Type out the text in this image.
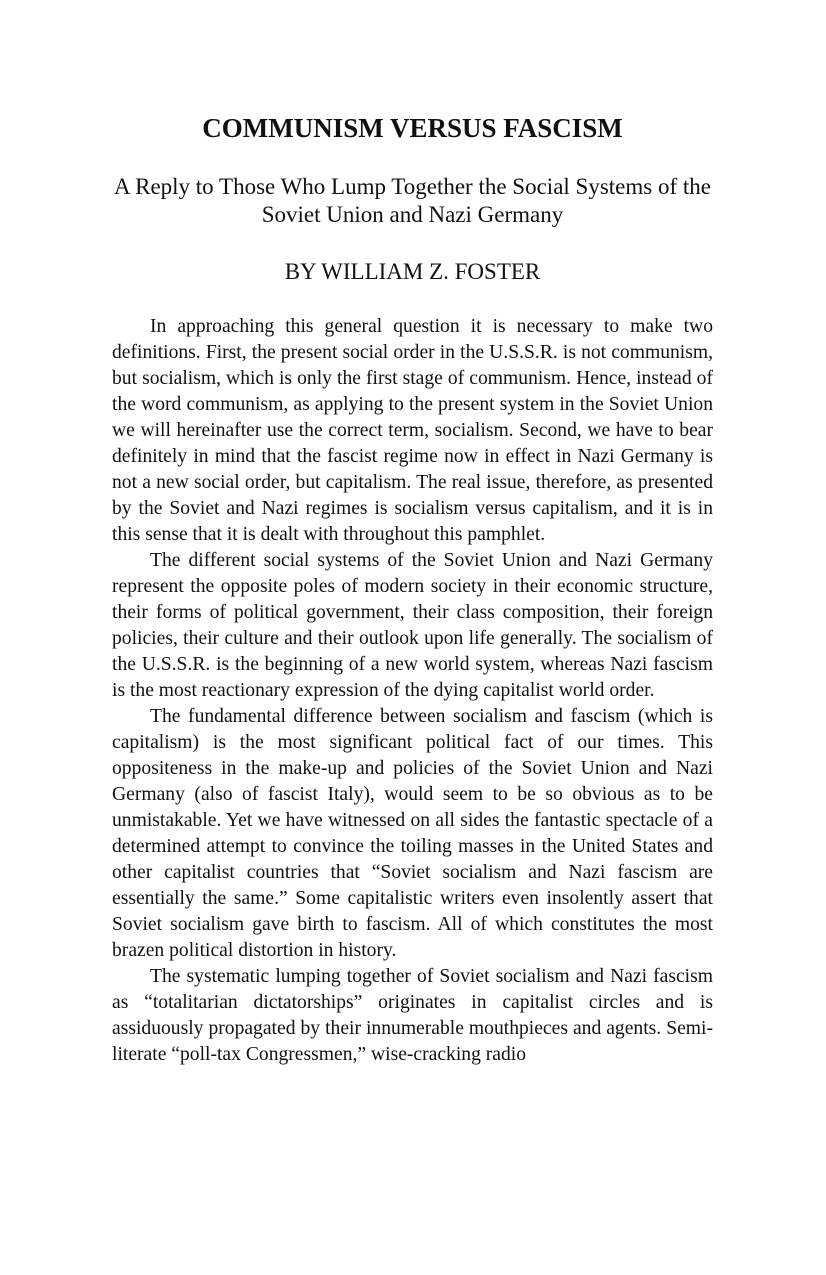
COMMUNISM VERSUS FASCISM
A Reply to Those Who Lump Together the Social Systems of the Soviet Union and Nazi Germany
BY WILLIAM Z. FOSTER

In approaching this general question it is necessary to make two definitions. First, the present social order in the U.S.S.R. is not communism, but socialism, which is only the first stage of communism. Hence, instead of the word communism, as applying to the present system in the Soviet Union we will hereinafter use the correct term, socialism. Second, we have to bear definitely in mind that the fascist regime now in effect in Nazi Germany is not a new social order, but capitalism. The real issue, therefore, as presented by the Soviet and Nazi regimes is socialism versus capitalism, and it is in this sense that it is dealt with throughout this pamphlet.

The different social systems of the Soviet Union and Nazi Germany represent the opposite poles of modern society in their economic structure, their forms of political government, their class composition, their foreign policies, their culture and their outlook upon life generally. The socialism of the U.S.S.R. is the beginning of a new world system, whereas Nazi fascism is the most reactionary expression of the dying capitalist world order.

The fundamental difference between socialism and fascism (which is capitalism) is the most significant political fact of our times. This oppositeness in the make-up and policies of the Soviet Union and Nazi Germany (also of fascist Italy), would seem to be so obvious as to be unmistakable. Yet we have witnessed on all sides the fantastic spectacle of a determined attempt to convince the toiling masses in the United States and other capitalist countries that “Soviet socialism and Nazi fascism are essentially the same.” Some capitalistic writers even insolently assert that Soviet socialism gave birth to fascism. All of which constitutes the most brazen political distortion in history.

The systematic lumping together of Soviet socialism and Nazi fascism as “totalitarian dictatorships” originates in capitalist circles and is assiduously propagated by their innumerable mouthpieces and agents. Semi-literate “poll-tax Congressmen,” wise-cracking radio
